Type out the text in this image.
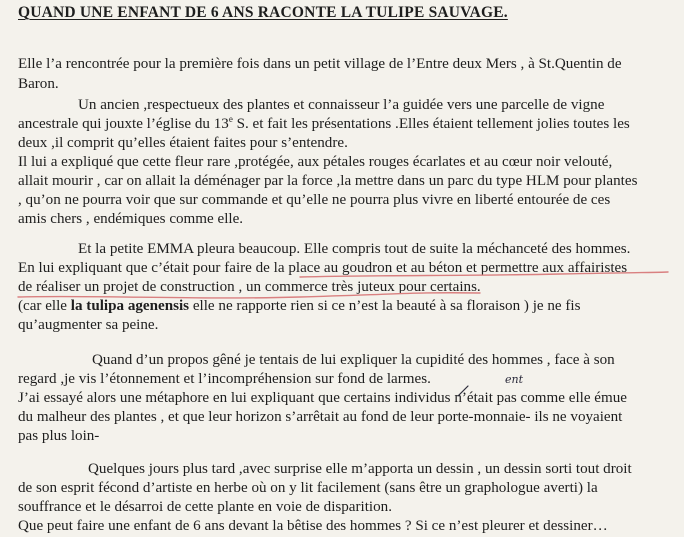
QUAND UNE ENFANT DE 6 ANS RACONTE LA TULIPE SAUVAGE.
Elle l’a rencontrée pour la première fois dans un petit village de l’Entre deux Mers , à St.Quentin de
Baron.
Un ancien ,respectueux des plantes et connaisseur l’a guidée vers une parcelle de vigne
ancestrale qui jouxte l’église du 13e S. et fait les présentations .Elles étaient tellement jolies toutes les
deux ,il comprit qu’elles étaient faites pour s’entendre.
Il lui a expliqué que cette fleur rare ,protégée, aux pétales rouges écarlates et au cœur noir velouté,
allait mourir , car on allait la déménager par la force ,la mettre dans un parc du type HLM pour plantes
, qu’on ne pourra voir que sur commande et qu’elle ne pourra plus vivre en liberté entourée de ces
amis chers , endémiques comme elle.
Et la petite EMMA pleura beaucoup. Elle compris tout de suite la méchanceté des hommes.
En lui expliquant que c’était pour faire de la place au goudron et au béton et permettre aux affairistes
de réaliser un projet de construction , un commerce très juteux pour certains.
(car elle la tulipa agenensis elle ne rapporte rien si ce n’est la beauté à sa floraison ) je ne fis
qu’augmenter sa peine.
Quand d’un propos gêné je tentais de lui expliquer la cupidité des hommes , face à son
regard ,je vis l’étonnement et l’incompréhension sur fond de larmes.
J’ai essayé alors une métaphore en lui expliquant que certains individus n’était pas comme elle émue
du malheur des plantes , et que leur horizon s’arrêtait au fond de leur porte-monnaie- ils ne voyaient
pas plus loin-
Quelques jours plus tard ,avec surprise elle m’apporta un dessin , un dessin sorti tout droit
de son esprit fécond d’artiste en herbe où on y lit facilement (sans être un graphologue averti) la
souffrance et le désarroi de cette plante en voie de disparition.
Que peut faire une enfant de 6 ans devant la bêtise des hommes ? Si ce n’est pleurer et dessiner…
ent
